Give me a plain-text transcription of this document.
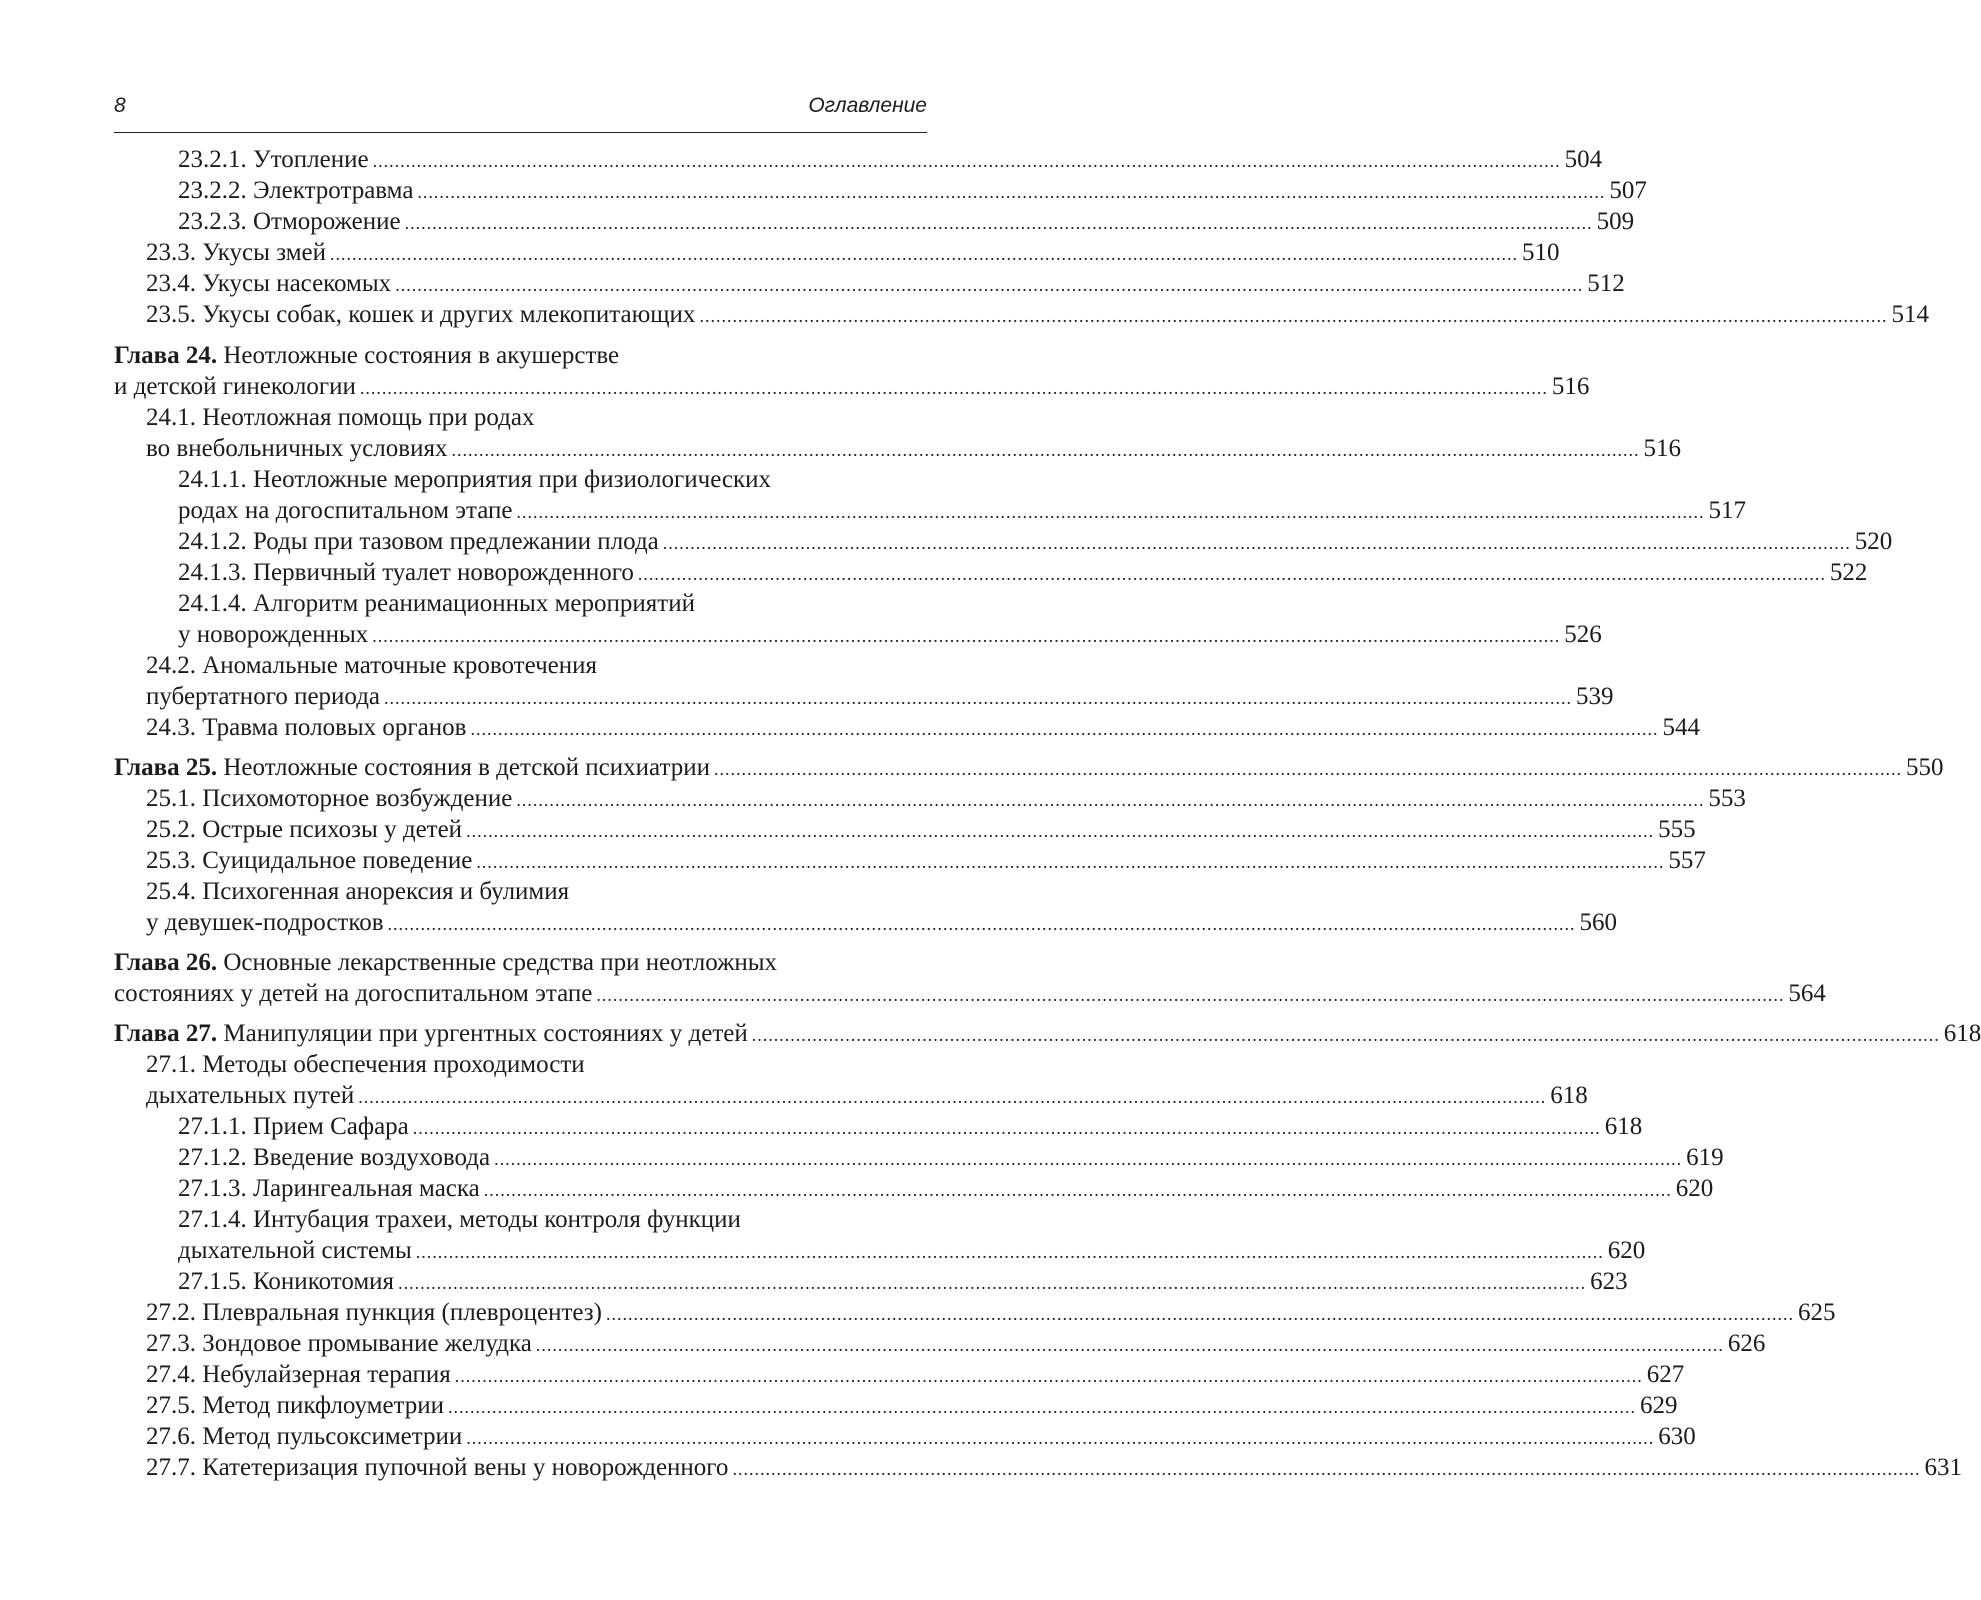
8	Оглавление
23.2.1. Утопление .....	504
23.2.2. Электротравма .....	507
23.2.3. Отморожение .....	509
23.3. Укусы змей .....	510
23.4. Укусы насекомых .....	512
23.5. Укусы собак, кошек и других млекопитающих .....	514
Глава 24. Неотложные состояния в акушерстве
и детской гинекологии .....	516
24.1. Неотложная помощь при родах
во внебольничных условиях .....	516
24.1.1. Неотложные мероприятия при физиологических
родах на догоспитальном этапе .....	517
24.1.2. Роды при тазовом предлежании плода .....	520
24.1.3. Первичный туалет новорожденного .....	522
24.1.4. Алгоритм реанимационных мероприятий
у новорожденных .....	526
24.2. Аномальные маточные кровотечения
пубертатного периода .....	539
24.3. Травма половых органов .....	544
Глава 25. Неотложные состояния в детской психиатрии .....	550
25.1. Психомоторное возбуждение .....	553
25.2. Острые психозы у детей .....	555
25.3. Суицидальное поведение .....	557
25.4. Психогенная анорексия и булимия
у девушек-подростков .....	560
Глава 26. Основные лекарственные средства при неотложных
состояниях у детей на догоспитальном этапе .....	564
Глава 27. Манипуляции при ургентных состояниях у детей .....	618
27.1. Методы обеспечения проходимости
дыхательных путей .....	618
27.1.1. Прием Сафара .....	618
27.1.2. Введение воздуховода .....	619
27.1.3. Ларингеальная маска .....	620
27.1.4. Интубация трахеи, методы контроля функции
дыхательной системы .....	620
27.1.5. Коникотомия .....	623
27.2. Плевральная пункция (плевроцентез) .....	625
27.3. Зондовое промывание желудка .....	626
27.4. Небулайзерная терапия .....	627
27.5. Метод пикфлоуметрии .....	629
27.6. Метод пульсоксиметрии .....	630
27.7. Катетеризация пупочной вены у новорожденного .....	631
